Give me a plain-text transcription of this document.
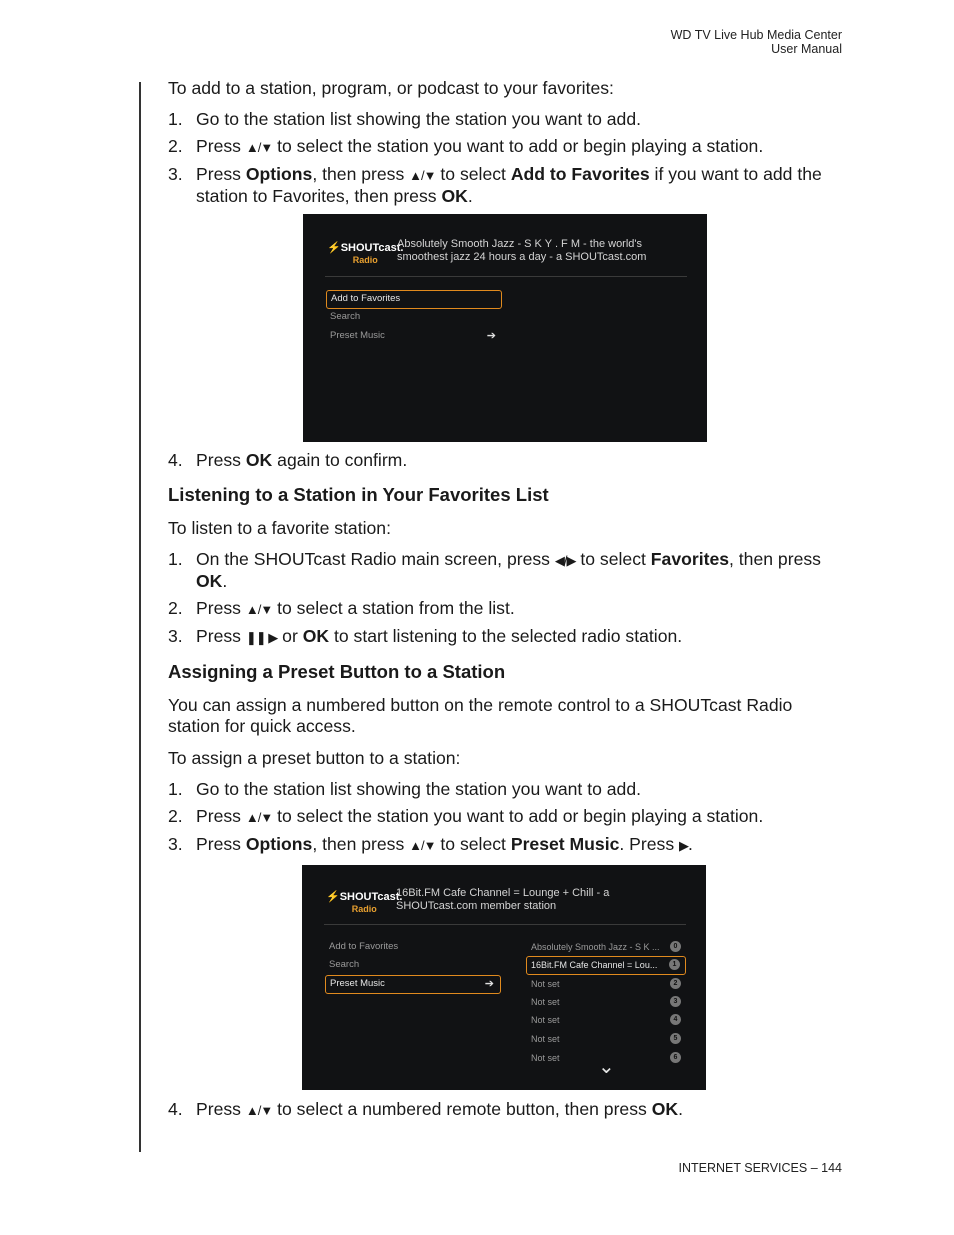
WD TV Live Hub Media Center
User Manual

To add to a station, program, or podcast to your favorites:

1. Go to the station list showing the station you want to add.
2. Press ▲/▼ to select the station you want to add or begin playing a station.
3. Press Options, then press ▲/▼ to select Add to Favorites if you want to add the station to Favorites, then press OK.
⚡SHOUTcast.
Radio
Absolutely Smooth Jazz - S K Y . F M - the world's smoothest jazz 24 hours a day - a SHOUTcast.com
Add to Favorites
Search
Preset Music	➔
4. Press OK again to confirm.
Listening to a Station in Your Favorites List

To listen to a favorite station:

1. On the SHOUTcast Radio main screen, press ◀/▶ to select Favorites, then press OK.
2. Press ▲/▼ to select a station from the list.
3. Press ❚❚ ▶ or OK to start listening to the selected radio station.
Assigning a Preset Button to a Station

You can assign a numbered button on the remote control to a SHOUTcast Radio station for quick access.

To assign a preset button to a station:

1. Go to the station list showing the station you want to add.
2. Press ▲/▼ to select the station you want to add or begin playing a station.
3. Press Options, then press ▲/▼ to select Preset Music. Press ▶.
⚡SHOUTcast.
Radio
16Bit.FM Cafe Channel = Lounge + Chill - a SHOUTcast.com member station
Add to Favorites
Search
Preset Music	➔
Absolutely Smooth Jazz - S K ...	0
16Bit.FM Cafe Channel = Lou...	1
Not set	2
Not set	3
Not set	4
Not set	5
Not set	6
⌄
4. Press ▲/▼ to select a numbered remote button, then press OK.
INTERNET SERVICES – 144
